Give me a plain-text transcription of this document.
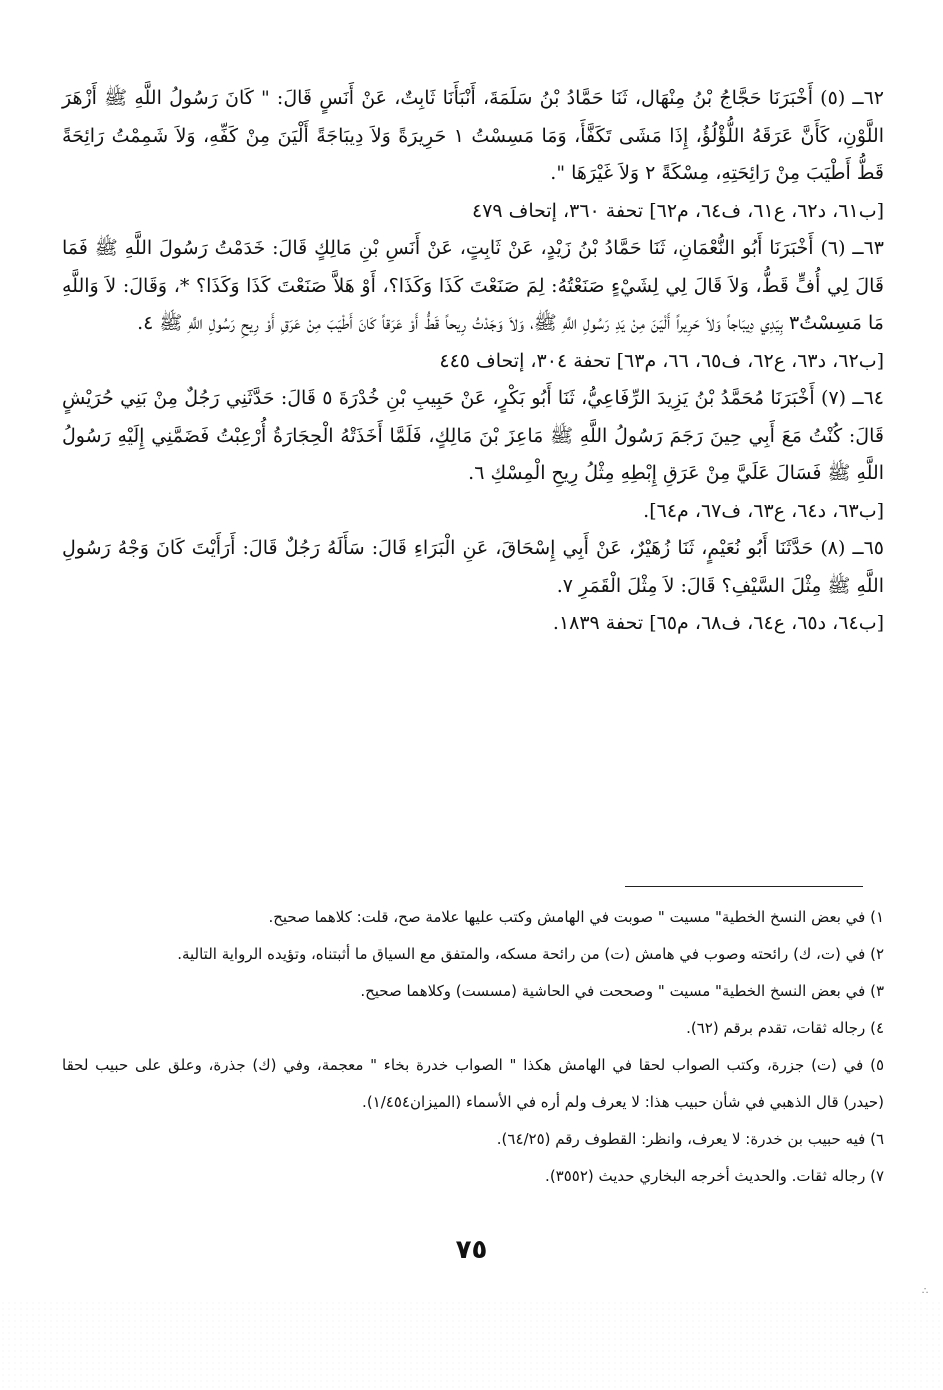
٦٢ــ (٥) أَخْبَرَنَا حَجَّاجُ بْنُ مِنْهَال، ثَنَا حَمَّادُ بْنُ سَلَمَةَ، أَنْبَأَنَا ثَابِتٌ، عَنْ أَنَسٍ قَالَ: " كَانَ رَسُولُ اللَّهِ ﷺ أَزْهَرَ اللَّوْنِ، كَأَنَّ عَرَقَهُ اللُّؤْلُؤُ، إِذَا مَشَى تَكَفَّأَ، وَمَا مَسِسْتُ ١ حَرِيرَةً وَلاَ دِيبَاجَةً أَلْيَنَ مِنْ كَفِّهِ، وَلاَ شَمِمْتُ رَائِحَةً قَطُّ أَطْيَبَ مِنْ رَائِحَتِهِ، مِسْكَةً ٢ وَلاَ غَيْرَهَا ".

[ب٦١، د٦٢، ع٦١، ف٦٤، م٦٢] تحفة ٣٦٠، إتحاف ٤٧٩

٦٣ــ (٦) أَخْبَرَنَا أَبُو النُّعْمَانِ، ثَنَا حَمَّادُ بْنُ زَيْدٍ، عَنْ ثَابِتٍ، عَنْ أَنَسِ بْنِ مَالِكٍ قَالَ: خَدَمْتُ رَسُولَ اللَّهِ ﷺ فَمَا قَالَ لِي أُفٍّ قَطُّ، وَلاَ قَالَ لِي لِشَيْءٍ صَنَعْتُهُ: لِمَ صَنَعْتَ كَذَا وَكَذَا؟، أَوْ هَلاَّ صَنَعْتَ كَذَا وَكَذَا؟ *، وَقَالَ: لاَ وَاللَّهِ مَا مَسِسْتُ٣ بِيَدِي دِيبَاجاً وَلاَ حَرِيراً أَلْيَنَ مِنْ يَدِ رَسُولِ اللَّهِ ﷺ، وَلاَ وَجَدْتُ رِيحاً قَطُّ أَوْ عَرَقاً كَانَ أَطْيَبَ مِنْ عَرَقِ أَوْ رِيحِ رَسُولِ اللَّهِ ﷺ ٤.

[ب٦٢، د٦٣، ع٦٢، ف٦٥، ٦٦، م٦٣] تحفة ٣٠٤، إتحاف ٤٤٥

٦٤ــ (٧) أَخْبَرَنَا مُحَمَّدُ بْنُ يَزِيدَ الرِّفَاعِيُّ، ثَنَا أَبُو بَكْرٍ، عَنْ حَبِيبِ بْنِ خُدْرَةَ ٥ قَالَ: حَدَّثَنِي رَجُلٌ مِنْ بَنِي حُرَيْشٍ قَالَ: كُنْتُ مَعَ أَبِي حِينَ رَجَمَ رَسُولُ اللَّهِ ﷺ مَاعِزَ بْنَ مَالِكٍ، فَلَمَّا أَخَذَتْهُ الْحِجَارَةُ أُرْعِبْتُ فَضَمَّنِي إِلَيْهِ رَسُولُ اللَّهِ ﷺ فَسَالَ عَلَيَّ مِنْ عَرَقِ إِبْطِهِ مِثْلُ رِيحِ الْمِسْكِ ٦.

[ب٦٣، د٦٤، ع٦٣، ف٦٧، م٦٤].

٦٥ــ (٨) حَدَّثَنَا أَبُو نُعَيْمٍ، ثَنَا زُهَيْرٌ، عَنْ أَبِي إِسْحَاقَ، عَنِ الْبَرَاءِ قَالَ: سَأَلَهُ رَجُلٌ قَالَ: أَرَأَيْتَ كَانَ وَجْهُ رَسُولِ اللَّهِ ﷺ مِثْلَ السَّيْفِ؟ قَالَ: لاَ مِثْلَ الْقَمَرِ ٧.

[ب٦٤، د٦٥، ع٦٤، ف٦٨، م٦٥] تحفة ١٨٣٩.

١) في بعض النسخ الخطية" مسيت " صوبت في الهامش وكتب عليها علامة صح، قلت: كلاهما صحيح.

٢) في (ت، ك) رائحته وصوب في هامش (ت) من رائحة مسكه، والمتفق مع السياق ما أثبتناه، وتؤيده الرواية التالية.

٣) في بعض النسخ الخطية" مسيت " وصححت في الحاشية (مسست) وكلاهما صحيح.

٤) رجاله ثقات، تقدم برقم (٦٢).

٥) في (ت) جزرة، وكتب الصواب لحقا في الهامش هكذا " الصواب خدرة بخاء " معجمة، وفي (ك) جذرة، وعلق على حبيب لحقا (حيدر) قال الذهبي في شأن حبيب هذا: لا يعرف ولم أره في الأسماء (الميزان١/٤٥٤).

٦) فيه حبيب بن خدرة: لا يعرف، وانظر: القطوف رقم (٦٤/٢٥).

٧) رجاله ثقات. والحديث أخرجه البخاري حديث (٣٥٥٢).

٧٥
∴
